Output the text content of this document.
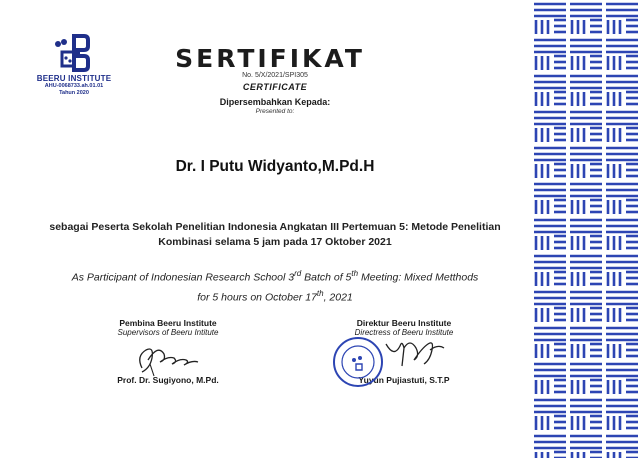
BEERU INSTITUTE
AHU-0068733.ah.01.01
Tahun 2020
SERTIFIKAT
No. 5/X/2021/SPI305
CERTIFICATE
Dipersembahkan Kepada:
Presented to:
Dr. I Putu Widyanto,M.Pd.H
sebagai Peserta Sekolah Penelitian Indonesia Angkatan III Pertemuan 5: Metode Penelitian
Kombinasi selama 5 jam pada 17 Oktober 2021
As Participant of Indonesian Research School 3rd Batch of 5th Meeting: Mixed Metthods
for 5 hours on October 17th, 2021
Pembina Beeru Institute
Supervisors of Beeru Intitute
Prof. Dr. Sugiyono, M.Pd.
Direktur Beeru Institute
Directress of Beeru Institute
Yuyun Pujiastuti, S.T.P
